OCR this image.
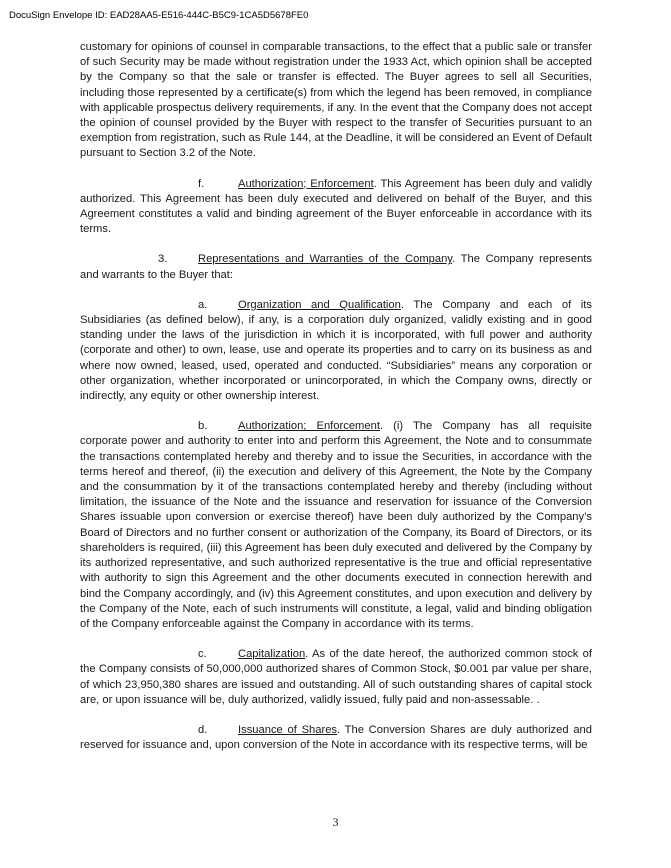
DocuSign Envelope ID: EAD28AA5-E516-444C-B5C9-1CA5D5678FE0

customary for opinions of counsel in comparable transactions, to the effect that a public sale or transfer of such Security may be made without registration under the 1933 Act, which opinion shall be accepted by the Company so that the sale or transfer is effected. The Buyer agrees to sell all Securities, including those represented by a certificate(s) from which the legend has been removed, in compliance with applicable prospectus delivery requirements, if any. In the event that the Company does not accept the opinion of counsel provided by the Buyer with respect to the transfer of Securities pursuant to an exemption from registration, such as Rule 144, at the Deadline, it will be considered an Event of Default pursuant to Section 3.2 of the Note.

f.	Authorization; Enforcement. This Agreement has been duly and validly authorized. This Agreement has been duly executed and delivered on behalf of the Buyer, and this Agreement constitutes a valid and binding agreement of the Buyer enforceable in accordance with its terms.

3.	Representations and Warranties of the Company. The Company represents and warrants to the Buyer that:

a.	Organization and Qualification. The Company and each of its Subsidiaries (as defined below), if any, is a corporation duly organized, validly existing and in good standing under the laws of the jurisdiction in which it is incorporated, with full power and authority (corporate and other) to own, lease, use and operate its properties and to carry on its business as and where now owned, leased, used, operated and conducted. “Subsidiaries” means any corporation or other organization, whether incorporated or unincorporated, in which the Company owns, directly or indirectly, any equity or other ownership interest.

b.	Authorization; Enforcement. (i) The Company has all requisite corporate power and authority to enter into and perform this Agreement, the Note and to consummate the transactions contemplated hereby and thereby and to issue the Securities, in accordance with the terms hereof and thereof, (ii) the execution and delivery of this Agreement, the Note by the Company and the consummation by it of the transactions contemplated hereby and thereby (including without limitation, the issuance of the Note and the issuance and reservation for issuance of the Conversion Shares issuable upon conversion or exercise thereof) have been duly authorized by the Company’s Board of Directors and no further consent or authorization of the Company, its Board of Directors, or its shareholders is required, (iii) this Agreement has been duly executed and delivered by the Company by its authorized representative, and such authorized representative is the true and official representative with authority to sign this Agreement and the other documents executed in connection herewith and bind the Company accordingly, and (iv) this Agreement constitutes, and upon execution and delivery by the Company of the Note, each of such instruments will constitute, a legal, valid and binding obligation of the Company enforceable against the Company in accordance with its terms.

c.	Capitalization. As of the date hereof, the authorized common stock of the Company consists of 50,000,000 authorized shares of Common Stock, $0.001 par value per share, of which 23,950,380 shares are issued and outstanding. All of such outstanding shares of capital stock are, or upon issuance will be, duly authorized, validly issued, fully paid and non-assessable. .

d.	Issuance of Shares. The Conversion Shares are duly authorized and reserved for issuance and, upon conversion of the Note in accordance with its respective terms, will be

3
